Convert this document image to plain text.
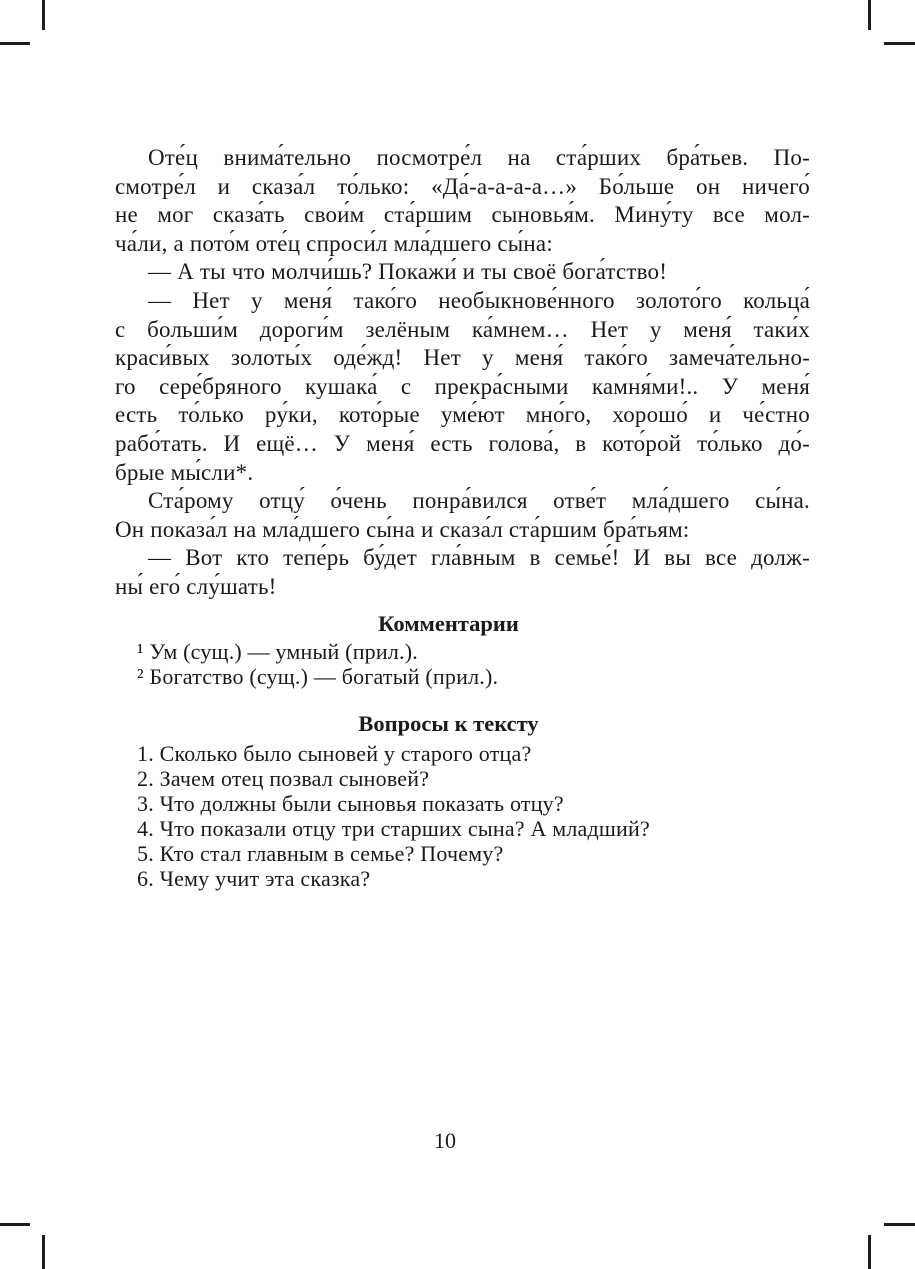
Оте́ц внима́тельно посмотре́л на ста́рших бра́тьев. По-

смотре́л и сказа́л то́лько: «Да́-а-а-а-а…» Бо́льше он ничего́

не мог сказа́ть свои́м ста́ршим сыновья́м. Мину́ту все мол-

ча́ли, а пото́м оте́ц спроси́л мла́дшего сы́на:

— А ты что молчи́шь? Покажи́ и ты своё бога́тство!

— Нет у меня́ тако́го необыкнове́нного золото́го кольца́

с больши́м дороги́м зелёным ка́мнем… Нет у меня́ таки́х

краси́вых золоты́х оде́жд! Нет у меня́ тако́го замеча́тельно-

го сере́бряного кушака́ с прекра́сными камня́ми!.. У меня́

есть то́лько ру́ки, кото́рые уме́ют мно́го, хорошо́ и че́стно

рабо́тать. И ещё… У меня́ есть голова́, в кото́рой то́лько до́-

брые мы́сли*.

Ста́рому отцу́ о́чень понра́вился отве́т мла́дшего сы́на.

Он показа́л на мла́дшего сы́на и сказа́л ста́ршим бра́тьям:

— Вот кто тепе́рь бу́дет гла́вным в семье́! И вы все долж-

ны́ его́ слу́шать!

Комментарии

¹ Ум (сущ.) — умный (прил.).

² Богатство (сущ.) — богатый (прил.).

Вопросы к тексту

1. Сколько было сыновей у старого отца?

2. Зачем отец позвал сыновей?

3. Что должны были сыновья показать отцу?

4. Что показали отцу три старших сына? А младший?

5. Кто стал главным в семье? Почему?

6. Чему учит эта сказка?

10
